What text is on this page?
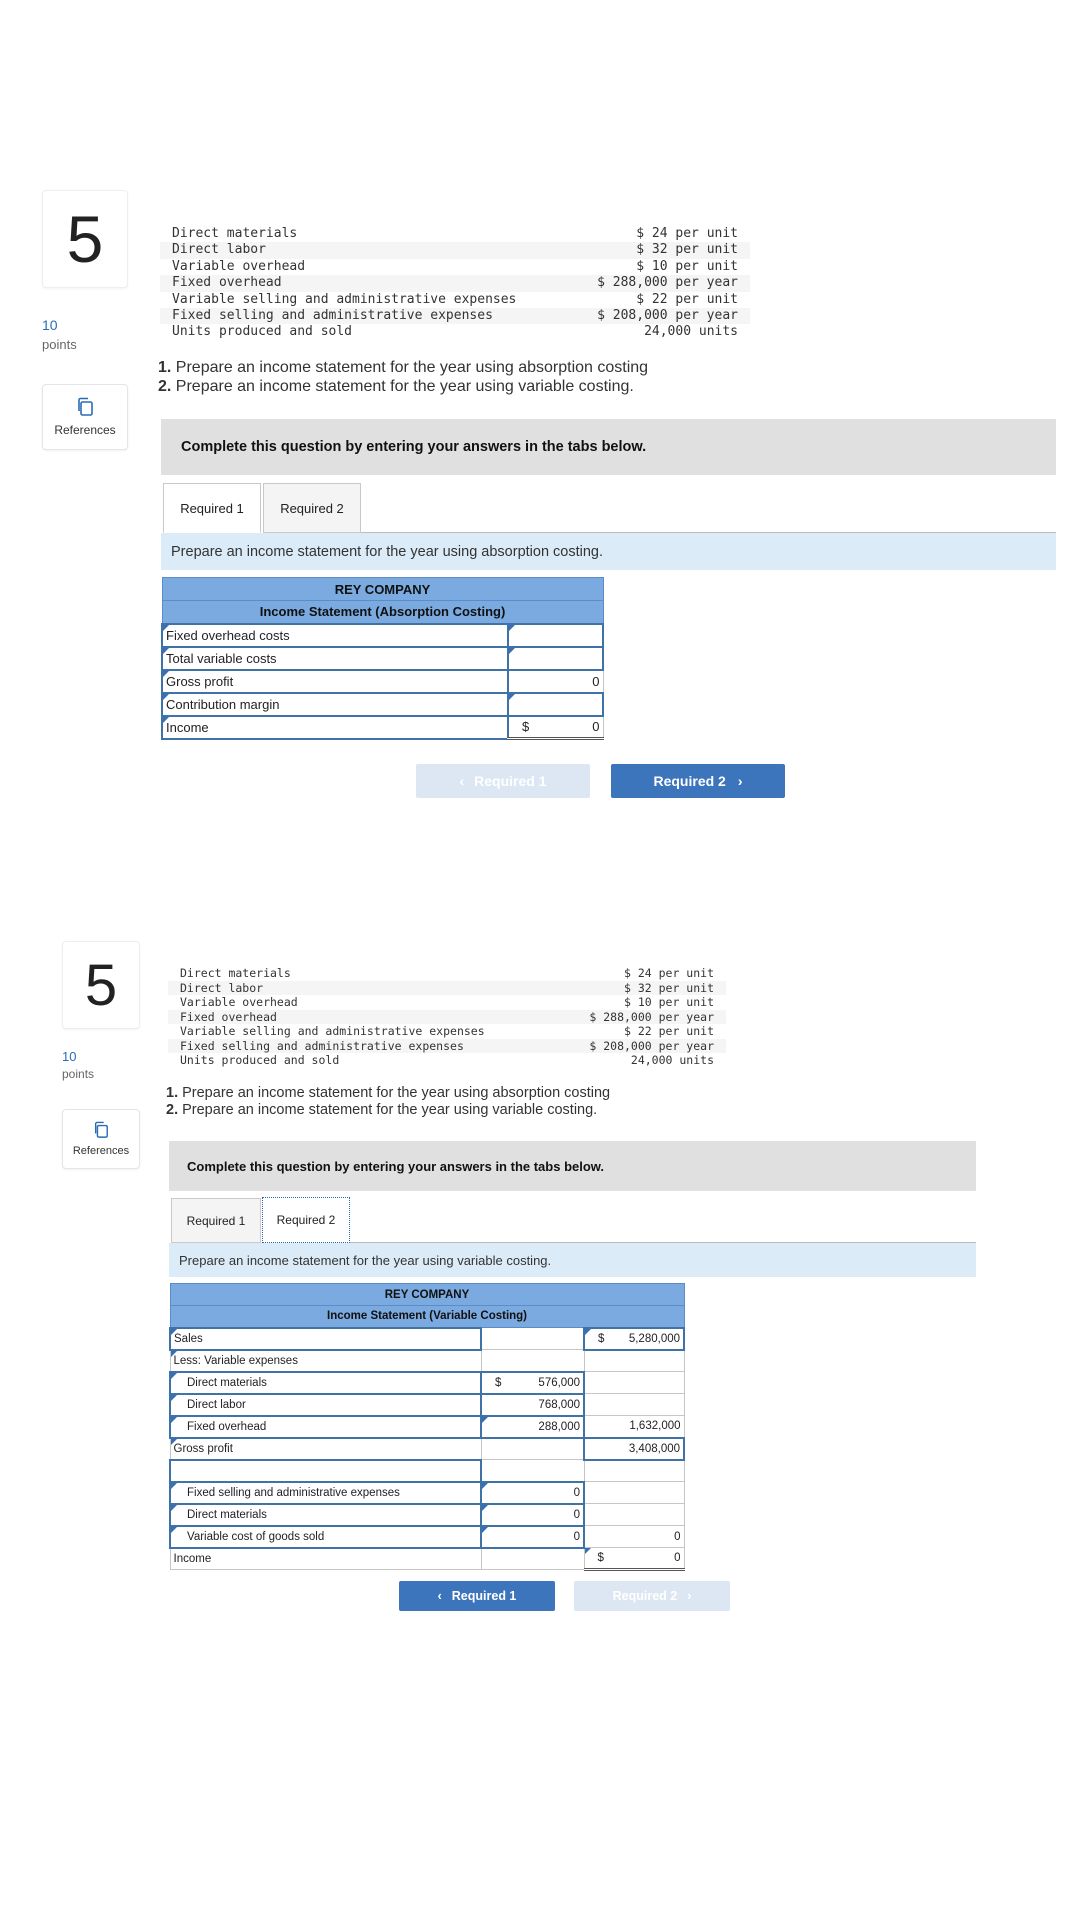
5
10
points
References
Direct materials	$ 24 per unit
Direct labor	$ 32 per unit
Variable overhead	$ 10 per unit
Fixed overhead	$ 288,000 per year
Variable selling and administrative expenses	$ 22 per unit
Fixed selling and administrative expenses	$ 208,000 per year
Units produced and sold	24,000 units
1. Prepare an income statement for the year using absorption costing
2. Prepare an income statement for the year using variable costing.
Complete this question by entering your answers in the tabs below.
Required 1	Required 2
Prepare an income statement for the year using absorption costing.
REY COMPANY	
Income Statement (Absorption Costing)	
Fixed overhead costs	
Total variable costs	
Gross profit	0
Contribution margin	
Income	$ 0
‹ Required 1	Required 2 ›
5
10
points
References
Direct materials	$ 24 per unit
Direct labor	$ 32 per unit
Variable overhead	$ 10 per unit
Fixed overhead	$ 288,000 per year
Variable selling and administrative expenses	$ 22 per unit
Fixed selling and administrative expenses	$ 208,000 per year
Units produced and sold	24,000 units
1. Prepare an income statement for the year using absorption costing
2. Prepare an income statement for the year using variable costing.
Complete this question by entering your answers in the tabs below.
Required 1	Required 2
Prepare an income statement for the year using variable costing.
REY COMPANY		
Income Statement (Variable Costing)		
Sales		$ 5,280,000
Less: Variable expenses		
Direct materials	$ 576,000	
Direct labor	768,000	
Fixed overhead	288,000	1,632,000
Gross profit		3,408,000

Fixed selling and administrative expenses	0	
Direct materials	0	
Variable cost of goods sold	0	0
Income		$ 0
‹ Required 1	Required 2 ›
